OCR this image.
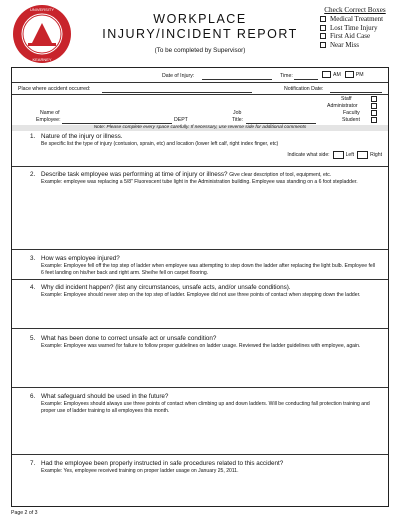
UNIVERSITY
KEARNEY
WORKPLACE
INJURY/INCIDENT REPORT
(To be completed by Supervisor)
Check Correct Boxes
Medical Treatment
Lost Time Injury
First Aid Case
Near Miss
Date of Injury:	Time:	AM	PM
Place where accident occurred:	Notification Date:
Name of
Employee:	DEPT
Job
Title:
Staff
Administrator
Faculty
Student
Note: Please complete every space carefully. If necessary, use reverse side for additional comments
1. Nature of the injury or illness.
Be specific list the type of injury (contusion, sprain, etc) and location (lower left calf, right index finger, etc)
Indicate what side:	Left	Right
2. Describe task employee was performing at time of injury or illness? Give clear description of tool, equipment, etc.
Example: employee was replacing a 5/8" Fluorescent tube light in the Administration building. Employee was standing on a 6 foot stepladder.
3. How was employee injured?
Example: Employee fell off the top step of ladder when employee was attempting to step down the ladder after replacing the light bulb. Employee fell 6 feet landing on his/her back and right arm. She/he fell on carpet flooring.
4. Why did incident happen? (list any circumstances, unsafe acts, and/or unsafe conditions).
Example: Employee should never step on the top step of ladder. Employee did not use three points of contact when stepping down the ladder.
5. What has been done to correct unsafe act or unsafe condition?
Example: Employee was warned for failure to follow proper guidelines on ladder usage. Reviewed the ladder guidelines with employee, again.
6. What safeguard should be used in the future?
Example: Employees should always use three points of contact when climbing up and down ladders. Will be conducting fall protection training and proper use of ladder training to all employees this month.
7. Had the employee been properly instructed in safe procedures related to this accident?
Example: Yes, employee received training on proper ladder usage on January 25, 2011.
Page 2 of 3
